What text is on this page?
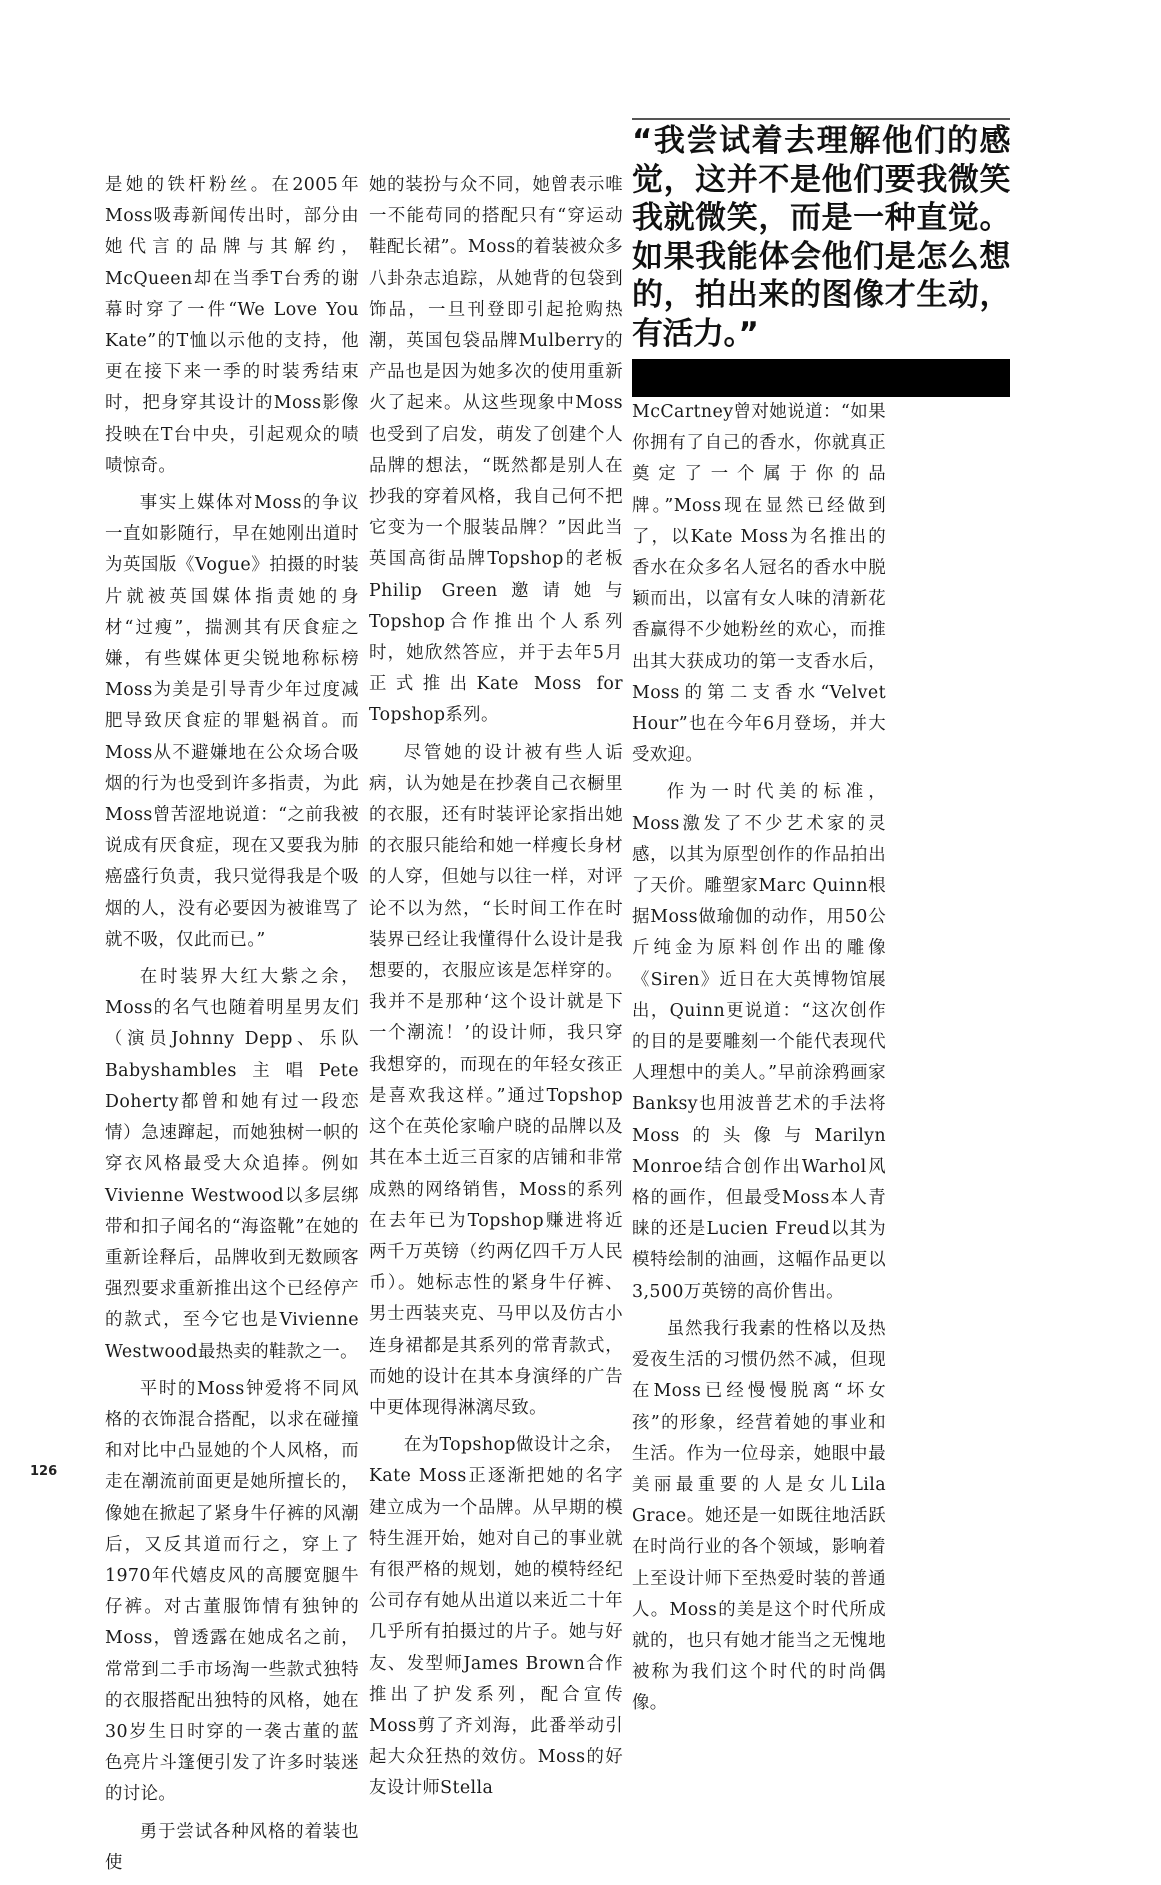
是她的铁杆粉丝。在2005年Moss吸毒新闻传出时，部分由她代言的品牌与其解约，McQueen却在当季T台秀的谢幕时穿了一件“We Love You Kate”的T恤以示他的支持，他更在接下来一季的时装秀结束时，把身穿其设计的Moss影像投映在T台中央，引起观众的啧啧惊奇。

事实上媒体对Moss的争议一直如影随行，早在她刚出道时为英国版《Vogue》拍摄的时装片就被英国媒体指责她的身材“过瘦”，揣测其有厌食症之嫌，有些媒体更尖锐地称标榜Moss为美是引导青少年过度减肥导致厌食症的罪魁祸首。而Moss从不避嫌地在公众场合吸烟的行为也受到许多指责，为此Moss曾苦涩地说道：“之前我被说成有厌食症，现在又要我为肺癌盛行负责，我只觉得我是个吸烟的人，没有必要因为被谁骂了就不吸，仅此而已。”

在时装界大红大紫之余，Moss的名气也随着明星男友们（演员Johnny Depp、乐队Babyshambles主唱Pete Doherty都曾和她有过一段恋情）急速蹿起，而她独树一帜的穿衣风格最受大众追捧。例如Vivienne Westwood以多层绑带和扣子闻名的“海盗靴”在她的重新诠释后，品牌收到无数顾客强烈要求重新推出这个已经停产的款式，至今它也是Vivienne Westwood最热卖的鞋款之一。

平时的Moss钟爱将不同风格的衣饰混合搭配，以求在碰撞和对比中凸显她的个人风格，而走在潮流前面更是她所擅长的，像她在掀起了紧身牛仔裤的风潮后，又反其道而行之，穿上了1970年代嬉皮风的高腰宽腿牛仔裤。对古董服饰情有独钟的Moss，曾透露在她成名之前，常常到二手市场淘一些款式独特的衣服搭配出独特的风格，她在30岁生日时穿的一袭古董的蓝色亮片斗篷便引发了许多时装迷的讨论。

勇于尝试各种风格的着装也使

她的装扮与众不同，她曾表示唯一不能苟同的搭配只有“穿运动鞋配长裙”。Moss的着装被众多八卦杂志追踪，从她背的包袋到饰品，一旦刊登即引起抢购热潮，英国包袋品牌Mulberry的产品也是因为她多次的使用重新火了起来。从这些现象中Moss也受到了启发，萌发了创建个人品牌的想法，“既然都是别人在抄我的穿着风格，我自己何不把它变为一个服装品牌？”因此当英国高街品牌Topshop的老板Philip Green邀请她与Topshop合作推出个人系列时，她欣然答应，并于去年5月正式推出Kate Moss for Topshop系列。

尽管她的设计被有些人诟病，认为她是在抄袭自己衣橱里的衣服，还有时装评论家指出她的衣服只能给和她一样瘦长身材的人穿，但她与以往一样，对评论不以为然，“长时间工作在时装界已经让我懂得什么设计是我想要的，衣服应该是怎样穿的。我并不是那种‘这个设计就是下一个潮流！’的设计师，我只穿我想穿的，而现在的年轻女孩正是喜欢我这样。”通过Topshop这个在英伦家喻户晓的品牌以及其在本土近三百家的店铺和非常成熟的网络销售，Moss的系列在去年已为Topshop赚进将近两千万英镑（约两亿四千万人民币）。她标志性的紧身牛仔裤、男士西装夹克、马甲以及仿古小连身裙都是其系列的常青款式，而她的设计在其本身演绎的广告中更体现得淋漓尽致。

在为Topshop做设计之余，Kate Moss正逐渐把她的名字建立成为一个品牌。从早期的模特生涯开始，她对自己的事业就有很严格的规划，她的模特经纪公司存有她从出道以来近二十年几乎所有拍摄过的片子。她与好友、发型师James Brown合作推出了护发系列，配合宣传Moss剪了齐刘海，此番举动引起大众狂热的效仿。Moss的好友设计师Stella

“我尝试着去理解他们的感觉，这并不是他们要我微笑我就微笑，而是一种直觉。如果我能体会他们是怎么想的，拍出来的图像才生动，有活力。”

McCartney曾对她说道：“如果你拥有了自己的香水，你就真正奠定了一个属于你的品牌。”Moss现在显然已经做到了，以Kate Moss为名推出的香水在众多名人冠名的香水中脱颖而出，以富有女人味的清新花香赢得不少她粉丝的欢心，而推出其大获成功的第一支香水后，Moss的第二支香水“Velvet Hour”也在今年6月登场，并大受欢迎。

作为一时代美的标准，Moss激发了不少艺术家的灵感，以其为原型创作的作品拍出了天价。雕塑家Marc Quinn根据Moss做瑜伽的动作，用50公斤纯金为原料创作出的雕像《Siren》近日在大英博物馆展出，Quinn更说道：“这次创作的目的是要雕刻一个能代表现代人理想中的美人。”早前涂鸦画家Banksy也用波普艺术的手法将Moss的头像与Marilyn Monroe结合创作出Warhol风格的画作，但最受Moss本人青睐的还是Lucien Freud以其为模特绘制的油画，这幅作品更以3,500万英镑的高价售出。

虽然我行我素的性格以及热爱夜生活的习惯仍然不减，但现在Moss已经慢慢脱离“坏女孩”的形象，经营着她的事业和生活。作为一位母亲，她眼中最美丽最重要的人是女儿Lila Grace。她还是一如既往地活跃在时尚行业的各个领域，影响着上至设计师下至热爱时装的普通人。Moss的美是这个时代所成就的，也只有她才能当之无愧地被称为我们这个时代的时尚偶像。

126
